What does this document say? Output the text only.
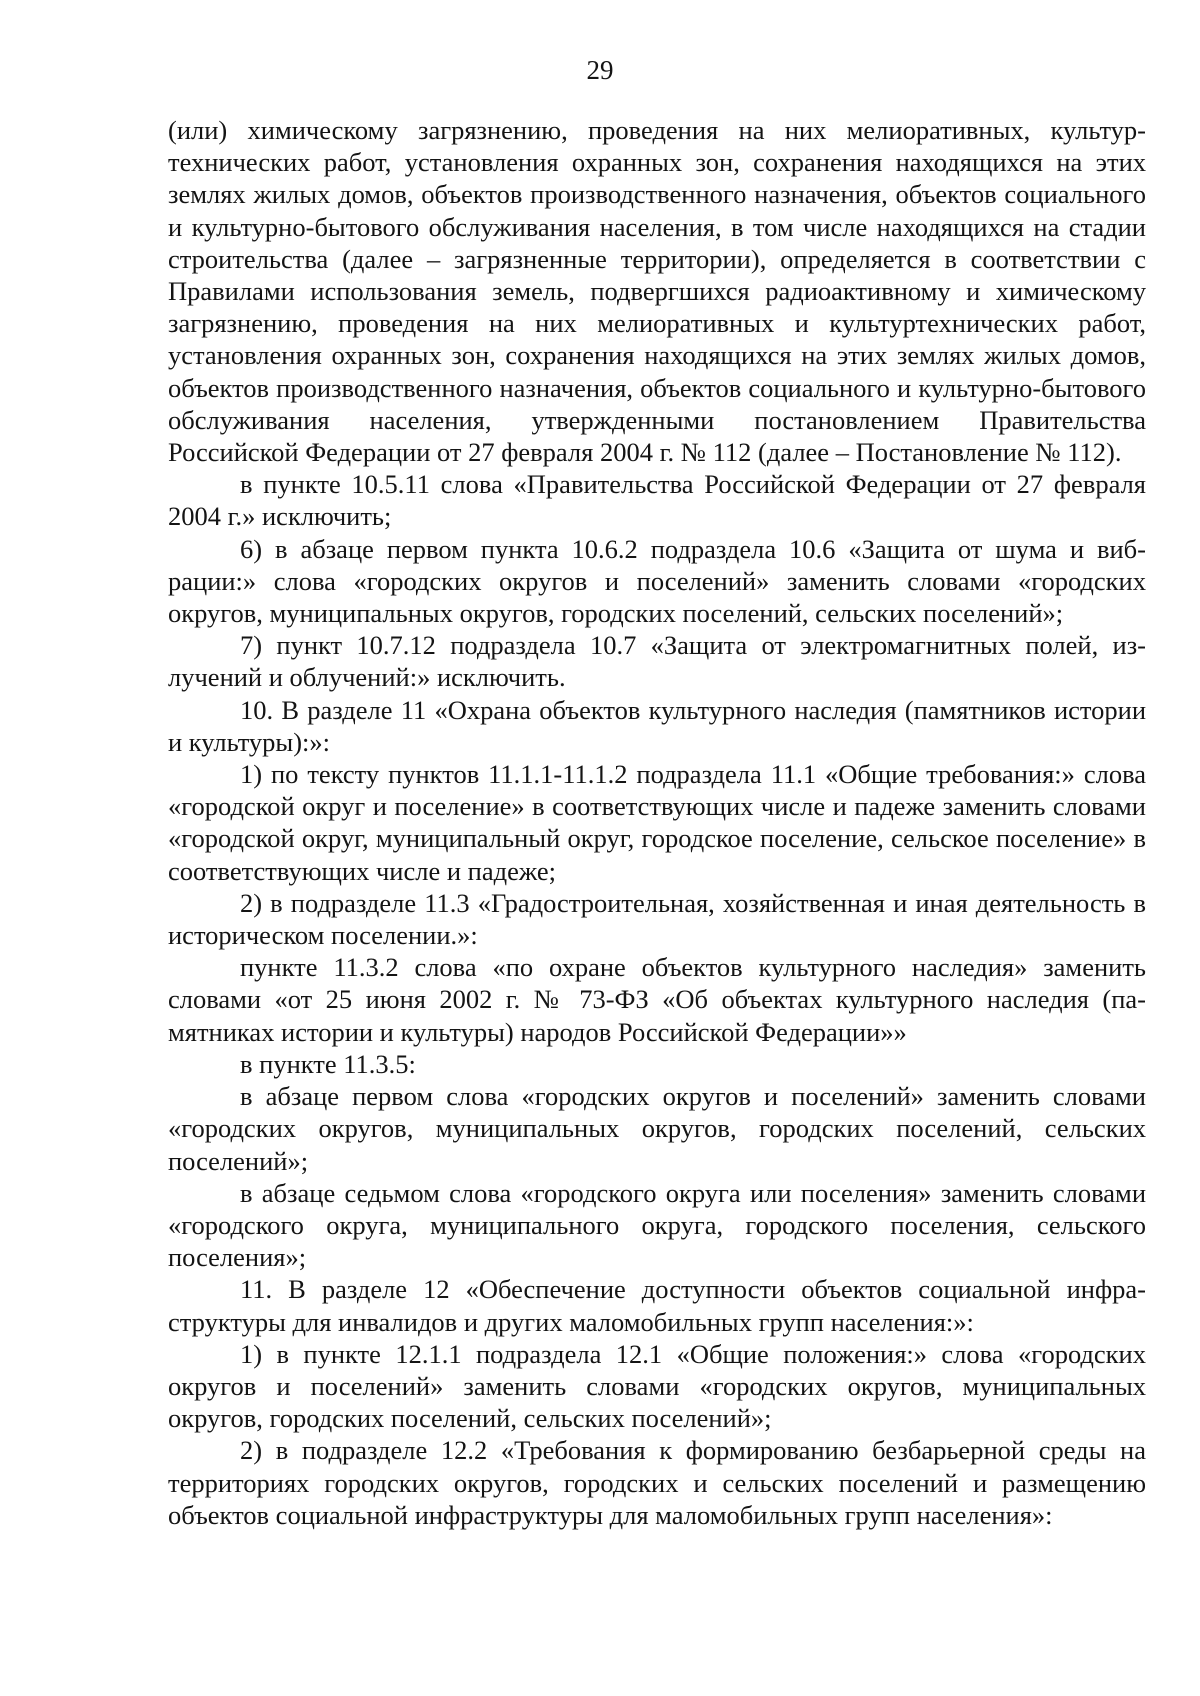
29

(или) химическому загрязнению, проведения на них мелиоративных, культуртехнических работ, установления охранных зон, сохранения находящихся на этих землях жилых домов, объектов производственного назначения, объектов социального и культурно-бытового обслуживания населения, в том числе находящихся на стадии строительства (далее – загрязненные территории), определяется в соответствии с Правилами использования земель, подвергшихся радиоактивному и химическому загрязнению, проведения на них мелиоративных и культуртехнических работ, установления охранных зон, сохранения находящихся на этих землях жилых домов, объектов производственного назначения, объектов социального и культурно-бытового обслуживания населения, утвержденными постановлением Правительства Российской Федерации от 27 февраля 2004 г. № 112 (далее – Постановление № 112).

в пункте 10.5.11 слова «Правительства Российской Федерации от 27 февраля 2004 г.» исключить;

6) в абзаце первом пункта 10.6.2 подраздела 10.6 «Защита от шума и вибрации:» слова «городских округов и поселений» заменить словами «городских округов, муниципальных округов, городских поселений, сельских поселений»;

7) пункт 10.7.12 подраздела 10.7 «Защита от электромагнитных полей, излучений и облучений:» исключить.

10. В разделе 11 «Охрана объектов культурного наследия (памятников истории и культуры):»:

1) по тексту пунктов 11.1.1-11.1.2 подраздела 11.1 «Общие требования:» слова «городской округ и поселение» в соответствующих числе и падеже заменить словами «городской округ, муниципальный округ, городское поселение, сельское поселение» в соответствующих числе и падеже;

2) в подразделе 11.3 «Градостроительная, хозяйственная и иная деятельность в историческом поселении.»:

пункте 11.3.2 слова «по охране объектов культурного наследия» заменить словами «от 25 июня 2002 г. № 73-ФЗ «Об объектах культурного наследия (памятниках истории и культуры) народов Российской Федерации»»

в пункте 11.3.5:

в абзаце первом слова «городских округов и поселений» заменить словами «городских округов, муниципальных округов, городских поселений, сельских поселений»;

в абзаце седьмом слова «городского округа или поселения» заменить словами «городского округа, муниципального округа, городского поселения, сельского поселения»;

11. В разделе 12 «Обеспечение доступности объектов социальной инфраструктуры для инвалидов и других маломобильных групп населения:»:

1) в пункте 12.1.1 подраздела 12.1 «Общие положения:» слова «городских округов и поселений» заменить словами «городских округов, муниципальных округов, городских поселений, сельских поселений»;

2) в подразделе 12.2 «Требования к формированию безбарьерной среды на территориях городских округов, городских и сельских поселений и размещению объектов социальной инфраструктуры для маломобильных групп населения»:
